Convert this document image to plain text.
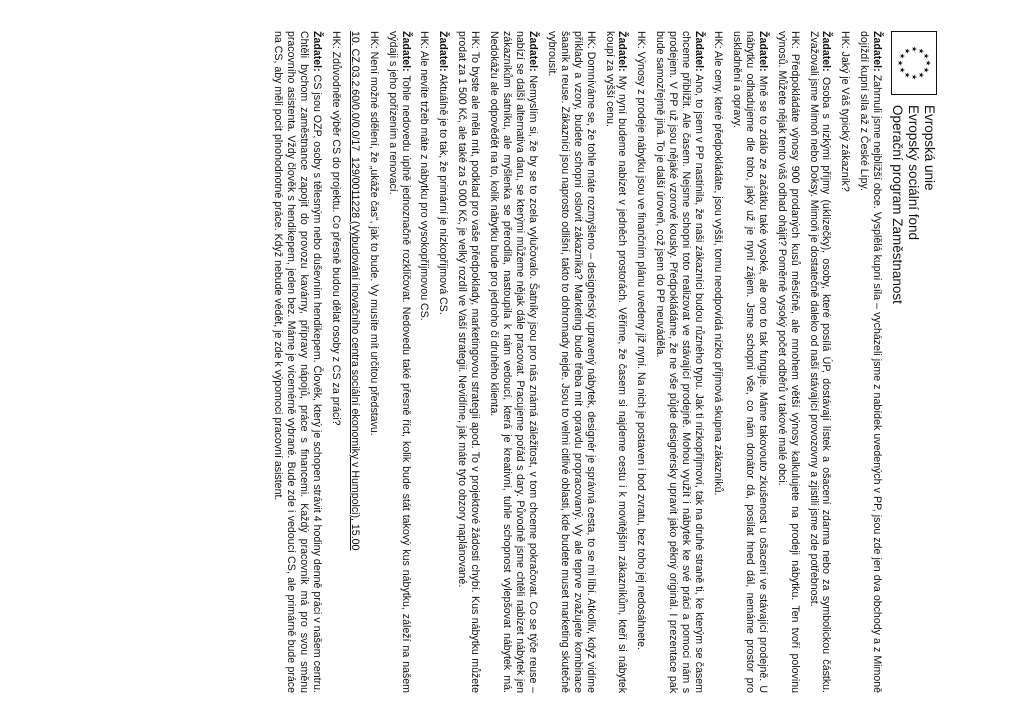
★
★
★
★
★
★
★
★
★ ★ ★
★
Evropská unie
Evropský sociální fond
Operační program Zaměstnanost

Žadatel: Zahrnuli jsme nejbližší obce. Vysplělá kupní síla – vycházeli jsme z nabídek uvedených v PP, jsou zde jen dva obchody a z Mimoně dojíždí kupní síla až z České Lípy.

HK: Jaký je Váš typický zákazník?

Žadatel: Osoba s nízkými příjmy (uklízečky), osoby, které posílá ÚP, dostávají lístek a ošacení zdarma nebo za symbolickou částku. Zvažovali jsme Mimoň nebo Doksy. Mimoň je dostatečně daleko od naší stávající provozovny a zjistili jsme zde potřebnost.

HK: Předpokládáte výnosy 900 prodaných kusů měsíčně, ale mnohem větší výnosy kalkulujete na prodeji nábytku. Ten tvoří polovinu výnosů. Můžete nějak tento váš odhad ohájit? Poměrně vysoký počet odběrů v takové malé obci.

Žadatel: Mně se to zdálo ze začátku také vysoké, ale ono to tak funguje. Máme takovouto zkušenost u ošacení ve stávající prodejně. U nábytku odhadujeme dle toho, jaký už je nyní zájem. Jsme schopni vše, co nám donátor dá, posílat hned dál, nemáme prostor pro uskladnění a opravy.

HK: Ale ceny, které předpokládáte, jsou vyšší, tomu neodpovídá nízko příjmová skupina zákazníků.

Žadatel: Ano, to jsem v PP nastínila, že naši zákazníci budou různého typu. Jak ti nízkopříjmoví, tak na druhé straně ti, ke kterým se časem chceme přiblížit. Ale časem. Nejsme schopni toto realizovat ve stávající prodejně. Mohou využít i nábytek ke své práci a pomoci nám s prodejem. V PP už jsou nějaké vzorové kousky. Předpokládáme, že ne vše půjde designérsky upravit jako pěkný originál. I prezentace pak bude samozřejmě jiná. To je další úroveň, což jsem do PP neuváděla.

HK: Výnosy z prodeje nábytku jsou ve finančním plánu uvedeny již nyní. Na nich je postaven i bod zvratu, bez toho jej nedosáhnete.

Žadatel: My nyní budeme nabízet v jedněch prostorách. Věříme, že časem si najdeme cestu i k movitějším zákazníkům, kteří si nábytek koupí za vyšší cenu.

HK: Domníváme se, že tohle máte rozmyšleno – designérský upravený nábytek, designér je správná cesta, to se mi líbí. Atkolliv, když vidíme příklady a vzory, budete schopni oslovit zákazníka? Marketing bude třeba mít opravdu propracovaný. Vy ale teprve zvažujete kombinace šaaník a reuse. Zákazníci jsou naprosto odlišní, takto to dohromady nejde. Jsou to velmi citlivé oblasti, kde budete muset marketing skutečně vybrousit.

Žadatel: Nemyslím si, že by se to zcela vylučovalo. Šatníky jsou pro nás známá záležitost, v tom chceme pokračovat. Co se týče reuse – nabízí se další alternativa daru, se kterými můžeme nějak dále pracovat. Pracujeme pořád s dary. Původně jsme chtěli nabízet nábytek jen zákazníkům šatníku, ale myšlenka se přerodila, nastoupila k nám vedoucí, která je kreativní, tuhle schopnost vylepšovat nábytek má. Nedokážu ale odpovědět na to, kolik nábytku bude pro jednoho či druhého klienta.

HK: To byste ale měla mít, podklad pro vaše předpoklady, marketingovou strategii apod. To v projektové žádosti chybí. Kus nábytku můžete prodat za 1 500 Kč, ale také za 5 000 Kč, je velký rozdíl ve Vaší strategii. Nevidíme, jak máte tyto obzory naplánované.

Žadatel: Aktuálně je to tak, že primární je nízkopříjmová CS.

HK: Ale nevíte tržeb máte z nábytku pro vysokopříjmovou CS.

Žadatel: Tohle nedovedu úplně jednoznačně rozklíčovat. Nedovedu také přesně říct, kolik bude stát takový kus nábytku, záleží na našem výdaji s jeho pořízením a renovací.

HK: Není možné sdělení, že „ukáže čas“, jak to bude. Vy musíte mít určitou představu.

10. CZ.03.2.60/0.0/0.0/17_129/0011228 (Vybudování inovačního centra sociální ekonomiky v Humpolci), 15.00

HK: Zdůvodněte výběr CS do projektu. Co přesně budou dělat osoby z CS za práci?

Žadatel: CS jsou OZP, osoby s tělesným nebo duševním hendikepem. Člověk, který je schopen strávit 4 hodiny denně práci v našem centru. Chtěli bychom zaměstnance zapojit do provozu kavárny, přípravy nápojů, práce s financemi. Každý pracovník má pro svou směnu pracovního asistenta. Vždy člověk s hendikepem, jeden bez. Máme je vícemérně vybrané. Bude zde i vedoucí CS, ale primárně bude práce na CS, aby měli pocit plnohodnotné práce. Když nebude vědět, je zde k výpomoci pracovní asistent.
